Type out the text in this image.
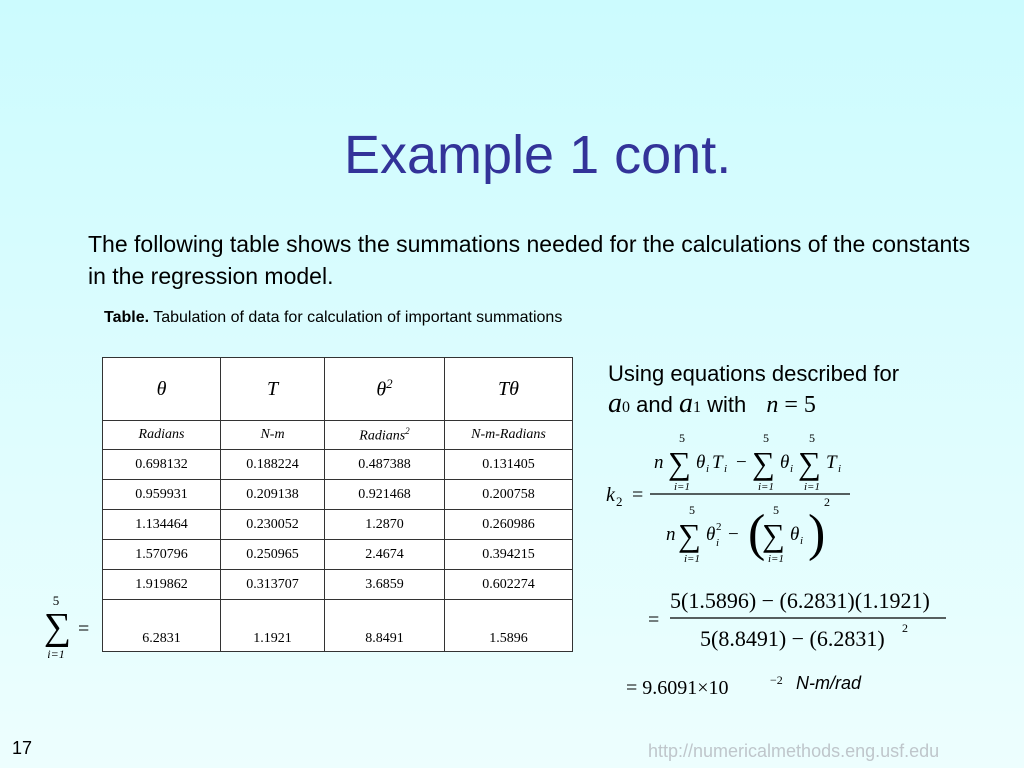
Example 1 cont.
The following table shows the summations needed for the calculations of the constants in the regression model.
Table. Tabulation of data for calculation of important summations
θ	T	$\theta^2$	Tθ
Radians	N-m	Radians$^2$	N-m-Radians
0.698132	0.188224	0.487388	0.131405
0.959931	0.209138	0.921468	0.200758
1.134464	0.230052	1.2870	0.260986
1.570796	0.250965	2.4674	0.394215
1.919862	0.313707	3.6859	0.602274
6.2831	1.1921	8.8491	1.5896
5
∑
i=1
=
Using equations described for
a0 and a1 with n = 5
k 2 =
n
5
∑
i=1
θ i T i −
5
∑
i=1
θ i
5
∑
i=1
T i
n
5
∑
i=1
θ 2
i − ( 5
∑
i=1
θ i )
2
=
5(1.5896) − (6.2831)(1.1921)
5(8.8491) − (6.2831) 2
= 9.6091×10	−2 N-m/rad
17	http://numericalmethods.eng.usf.edu
